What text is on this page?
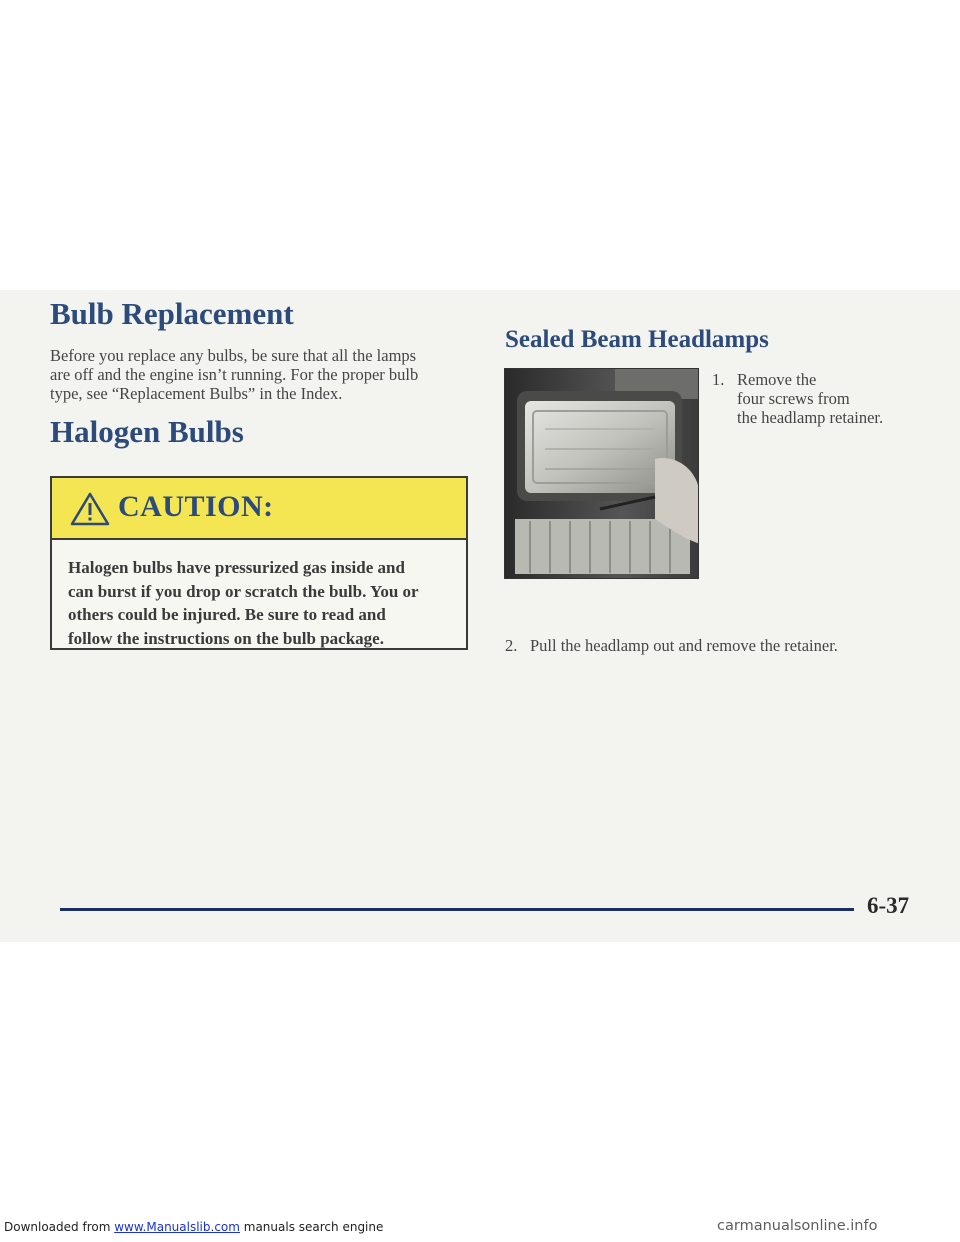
Bulb Replacement

Before you replace any bulbs, be sure that all the lamps

are off and the engine isn’t running. For the proper bulb

type, see “Replacement Bulbs” in the Index.

Halogen Bulbs

CAUTION:

Halogen bulbs have pressurized gas inside and
can burst if you drop or scratch the bulb. You or
others could be injured. Be sure to read and
follow the instructions on the bulb package.

Sealed Beam Headlamps

1. Remove the

four screws from

the headlamp retainer.

2. Pull the headlamp out and remove the retainer.

6-37

Downloaded from www.Manualslib.com manuals search engine	carmanualsonline.info
